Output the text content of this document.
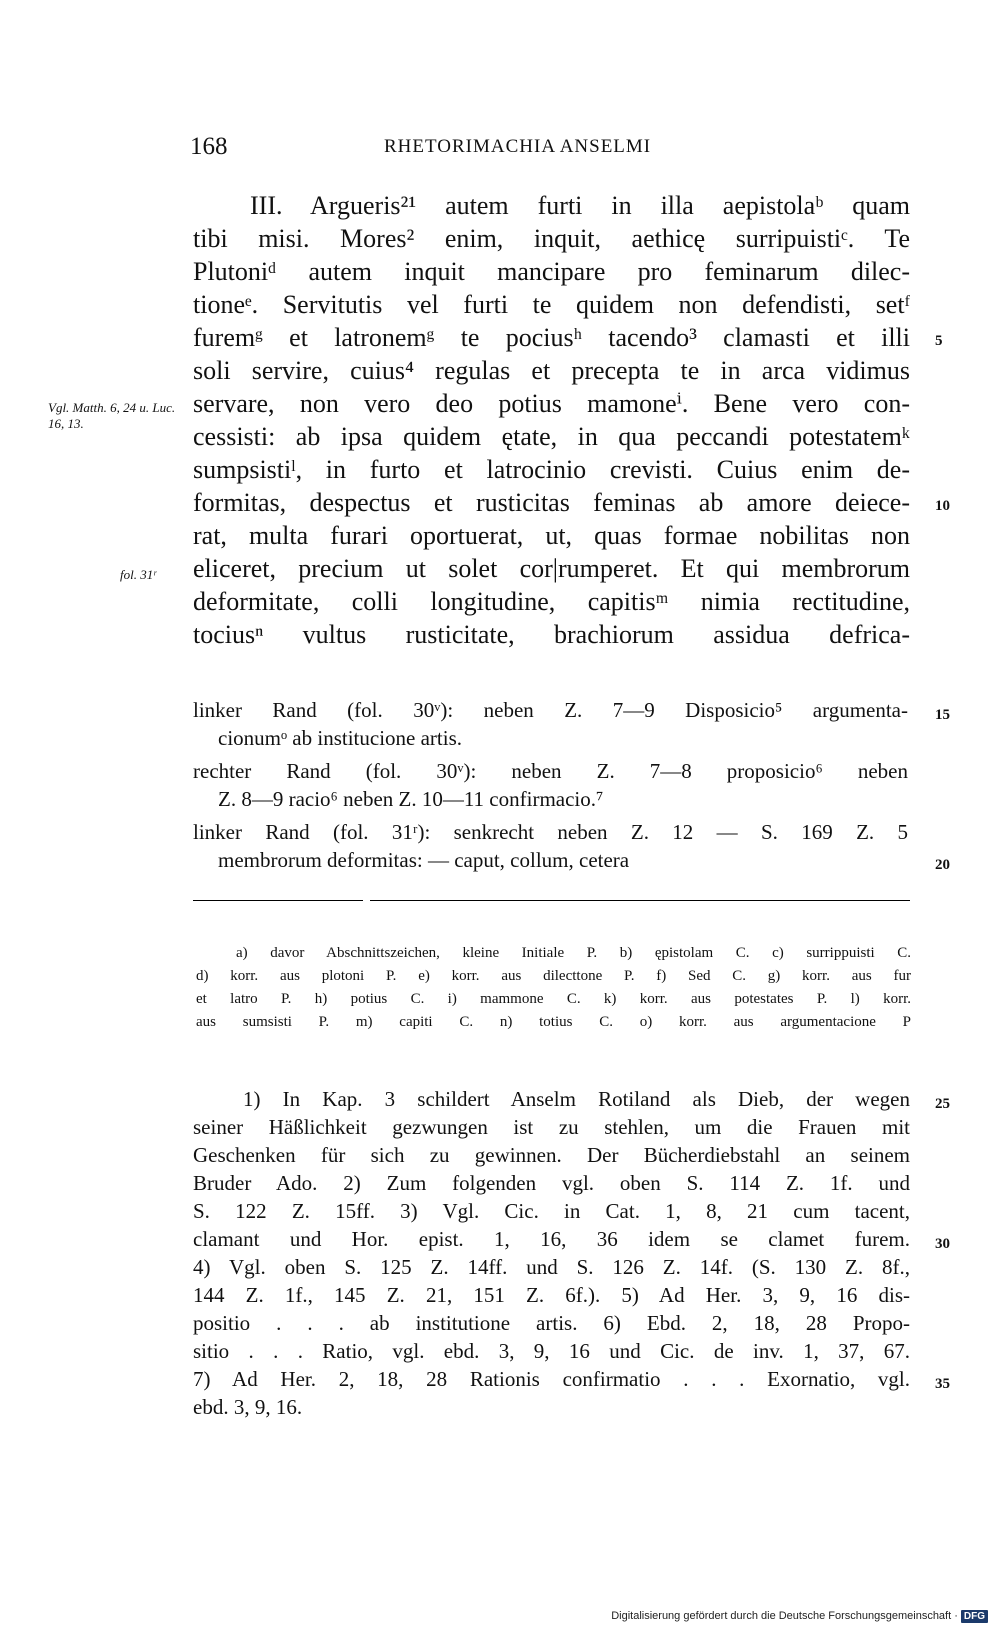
168	RHETORIMACHIA ANSELMI
Vgl. Matth. 6, 24 u. Luc. 16, 13.
fol. 31ʳ
III. Argueris²¹ autem furti in illa aepistolaᵇ quam
tibi misi. Mores² enim, inquit, aethicę surripuistiᶜ. Te
Plutoniᵈ autem inquit mancipare pro feminarum dilec-
tioneᵉ. Servitutis vel furti te quidem non defendisti, setᶠ
furemᵍ et latronemᵍ te pociusʰ tacendo³ clamasti et illi
soli servire, cuius⁴ regulas et precepta te in arca vidimus
servare, non vero deo potius mamoneⁱ. Bene vero con-
cessisti: ab ipsa quidem ętate, in qua peccandi potestatemᵏ
sumpsistiˡ, in furto et latrocinio crevisti. Cuius enim de-
formitas, despectus et rusticitas feminas ab amore deiece-
rat, multa furari oportuerat, ut, quas formae nobilitas non
eliceret, precium ut solet cor|rumperet. Et qui membrorum
deformitate, colli longitudine, capitisᵐ nimia rectitudine,
tociusⁿ vultus rusticitate, brachiorum assidua defrica-
5
10
linker Rand (fol. 30ᵛ): neben Z. 7—9 Disposicio⁵ argumenta-
cionumᵒ ab institucione artis.
rechter Rand (fol. 30ᵛ): neben Z. 7—8 proposicio⁶ neben
Z. 8—9 racio⁶ neben Z. 10—11 confirmacio.⁷
linker Rand (fol. 31ʳ): senkrecht neben Z. 12 — S. 169 Z. 5
membrorum deformitas: — caput, collum, cetera
15
20
a) davor Abschnittszeichen, kleine Initiale P. b) ępistolam C. c) surrippuisti C.
d) korr. aus plotoni P. e) korr. aus dilecttone P. f) Sed C. g) korr. aus fur
et latro P. h) potius C. i) mammone C. k) korr. aus potestates P. l) korr.
aus sumsisti P. m) capiti C. n) totius C. o) korr. aus argumentacione P
1) In Kap. 3 schildert Anselm Rotiland als Dieb, der wegen
seiner Häßlichkeit gezwungen ist zu stehlen, um die Frauen mit
Geschenken für sich zu gewinnen. Der Bücherdiebstahl an seinem
Bruder Ado. 2) Zum folgenden vgl. oben S. 114 Z. 1f. und
S. 122 Z. 15ff. 3) Vgl. Cic. in Cat. 1, 8, 21 cum tacent,
clamant und Hor. epist. 1, 16, 36 idem se clamet furem.
4) Vgl. oben S. 125 Z. 14ff. und S. 126 Z. 14f. (S. 130 Z. 8f.,
144 Z. 1f., 145 Z. 21, 151 Z. 6f.). 5) Ad Her. 3, 9, 16 dis-
positio . . . ab institutione artis. 6) Ebd. 2, 18, 28 Propo-
sitio . . . Ratio, vgl. ebd. 3, 9, 16 und Cic. de inv. 1, 37, 67.
7) Ad Her. 2, 18, 28 Rationis confirmatio . . . Exornatio, vgl.
ebd. 3, 9, 16.
25
30
35
Digitalisierung gefördert durch die Deutsche Forschungsgemeinschaft · DFG
